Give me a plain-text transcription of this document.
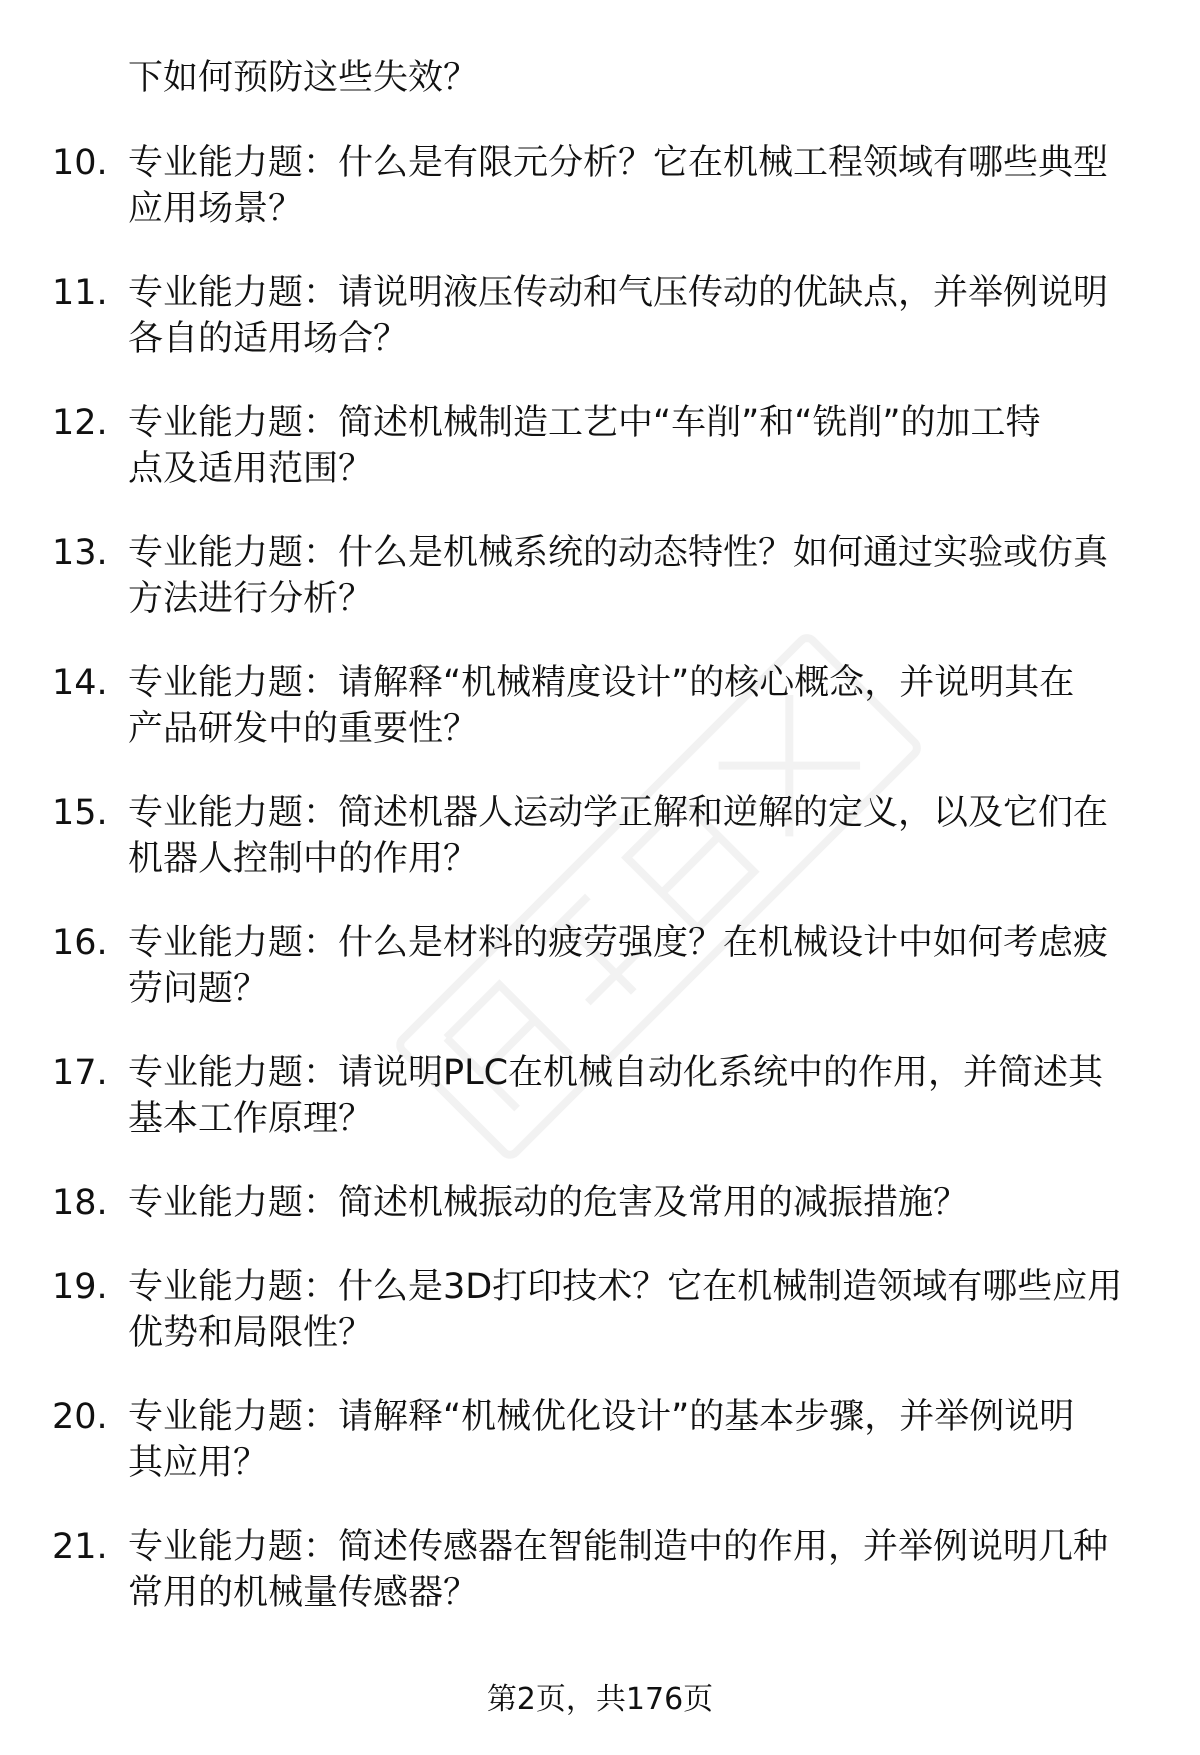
下如何预防这些失效？
10. 专业能力题：什么是有限元分析？它在机械工程领域有哪些典型
应用场景？
11. 专业能力题：请说明液压传动和气压传动的优缺点，并举例说明
各自的适用场合？
12. 专业能力题：简述机械制造工艺中“车削”和“铣削”的加工特
点及适用范围？
13. 专业能力题：什么是机械系统的动态特性？如何通过实验或仿真
方法进行分析？
14. 专业能力题：请解释“机械精度设计”的核心概念，并说明其在
产品研发中的重要性？
15. 专业能力题：简述机器人运动学正解和逆解的定义，以及它们在
机器人控制中的作用？
16. 专业能力题：什么是材料的疲劳强度？在机械设计中如何考虑疲
劳问题？
17. 专业能力题：请说明PLC在机械自动化系统中的作用，并简述其
基本工作原理？
18. 专业能力题：简述机械振动的危害及常用的减振措施？
19. 专业能力题：什么是3D打印技术？它在机械制造领域有哪些应用
优势和局限性？
20. 专业能力题：请解释“机械优化设计”的基本步骤，并举例说明
其应用？
21. 专业能力题：简述传感器在智能制造中的作用，并举例说明几种
常用的机械量传感器？
第2页，共176页
